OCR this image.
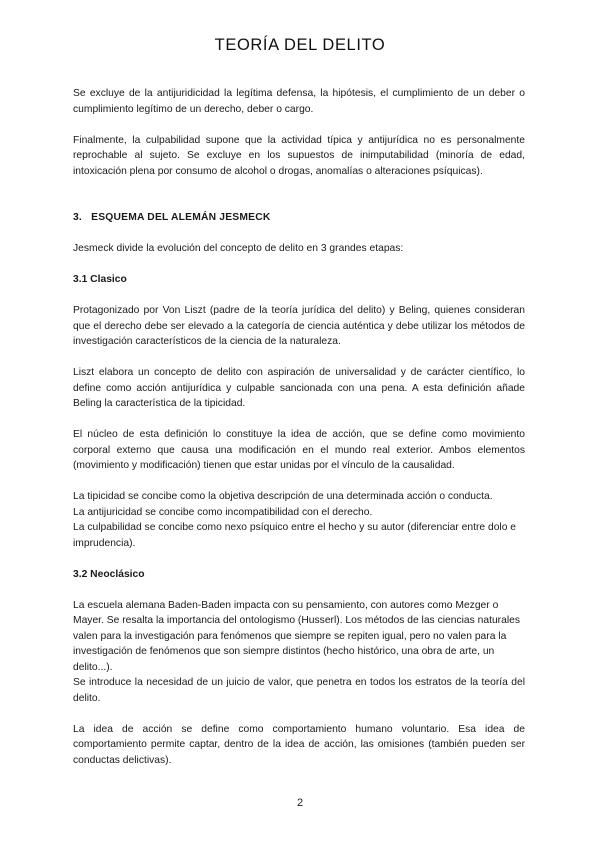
TEORÍA DEL DELITO

Se excluye de la antijuridicidad la legítima defensa, la hipótesis, el cumplimiento de un deber o cumplimiento legítimo de un derecho, deber o cargo.

Finalmente, la culpabilidad supone que la actividad típica y antijurídica no es personalmente reprochable al sujeto. Se excluye en los supuestos de inimputabilidad (minoría de edad, intoxicación plena por consumo de alcohol o drogas, anomalías o alteraciones psíquicas).

3.   ESQUEMA DEL ALEMÁN JESMECK

Jesmeck divide la evolución del concepto de delito en 3 grandes etapas:

3.1 Clasico

Protagonizado por Von Liszt (padre de la teoría jurídica del delito) y Beling, quienes consideran que el derecho debe ser elevado a la categoría de ciencia auténtica y debe utilizar los métodos de investigación característicos de la ciencia de la naturaleza.

Liszt elabora un concepto de delito con aspiración de universalidad y de carácter científico, lo define como acción antijurídica y culpable sancionada con una pena. A esta definición añade Beling la característica de la tipicidad.

El núcleo de esta definición lo constituye la idea de acción, que se define como movimiento corporal externo que causa una modificación en el mundo real exterior. Ambos elementos (movimiento y modificación) tienen que estar unidas por el vínculo de la causalidad.

La tipicidad se concibe como la objetiva descripción de una determinada acción o conducta.

La antijuricidad se concibe como incompatibilidad con el derecho.

La culpabilidad se concibe como nexo psíquico entre el hecho y su autor (diferenciar entre dolo e imprudencia).

3.2 Neoclásico

La escuela alemana Baden-Baden impacta con su pensamiento, con autores como Mezger o Mayer. Se resalta la importancia del ontologismo (Husserl). Los métodos de las ciencias naturales valen para la investigación para fenómenos que siempre se repiten igual, pero no valen para la investigación de fenómenos que son siempre distintos (hecho histórico, una obra de arte, un delito...).

Se introduce la necesidad de un juicio de valor, que penetra en todos los estratos de la teoría del delito.

La idea de acción se define como comportamiento humano voluntario. Esa idea de comportamiento permite captar, dentro de la idea de acción, las omisiones (también pueden ser conductas delictivas).

2
